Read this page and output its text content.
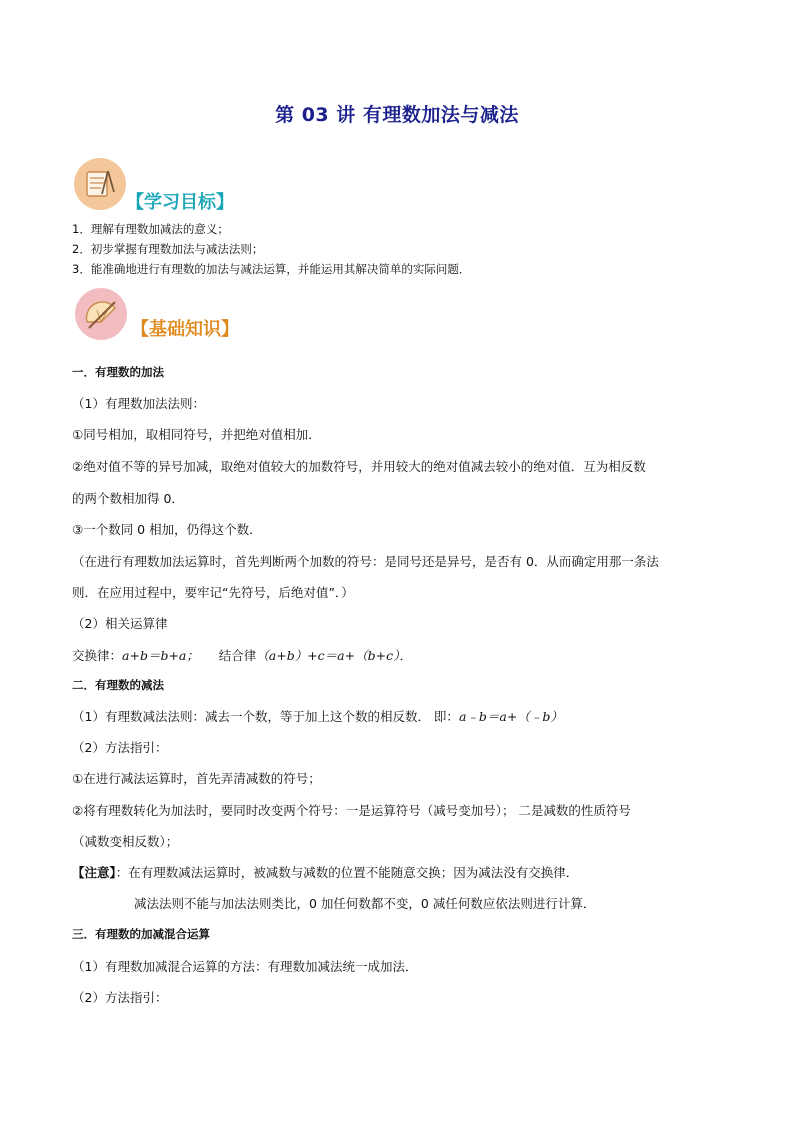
第 03 讲 有理数加法与减法
【学习目标】
1．理解有理数加减法的意义；
2．初步掌握有理数加法与减法法则；
3．能准确地进行有理数的加法与减法运算，并能运用其解决简单的实际问题．
【基础知识】
一．有理数的加法
（1）有理数加法法则：
①同号相加，取相同符号，并把绝对值相加．
②绝对值不等的异号加减，取绝对值较大的加数符号，并用较大的绝对值减去较小的绝对值．互为相反数
的两个数相加得 0．
③一个数同 0 相加，仍得这个数．
（在进行有理数加法运算时，首先判断两个加数的符号：是同号还是异号，是否有 0．从而确定用那一条法
则．在应用过程中，要牢记“先符号，后绝对值”．）
（2）相关运算律
交换律：a+b＝b+a； 结合律（a+b）+c＝a+（b+c）．
二．有理数的减法
（1）有理数减法法则：减去一个数，等于加上这个数的相反数． 即：a﹣b＝a+（﹣b）
（2）方法指引：
①在进行减法运算时，首先弄清减数的符号；
②将有理数转化为加法时，要同时改变两个符号：一是运算符号（减号变加号）； 二是减数的性质符号
（减数变相反数）；
【注意】：在有理数减法运算时，被减数与减数的位置不能随意交换；因为减法没有交换律．
减法法则不能与加法法则类比，0 加任何数都不变，0 减任何数应依法则进行计算．
三．有理数的加减混合运算
（1）有理数加减混合运算的方法：有理数加减法统一成加法．
（2）方法指引：
